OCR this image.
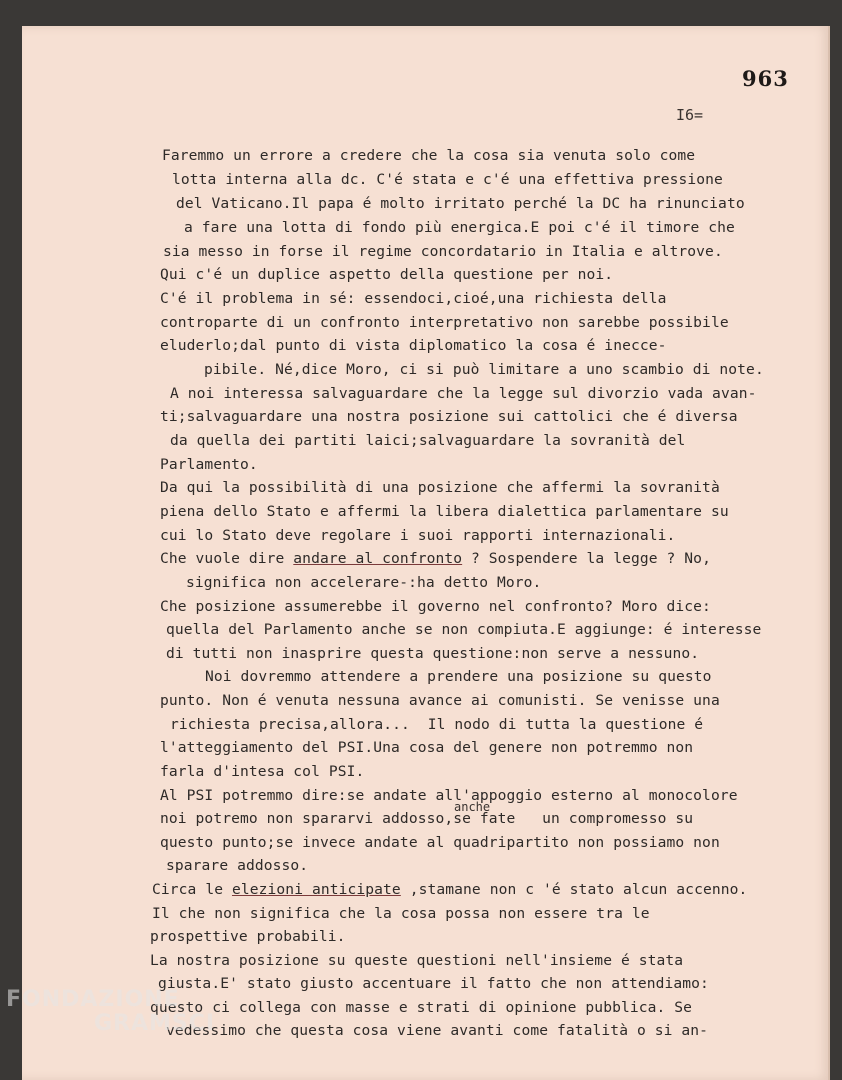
963
I6=
Faremmo un errore a credere che la cosa sia venuta solo come
lotta interna alla dc. C'é stata e c'é una effettiva pressione
del Vaticano.Il papa é molto irritato perché la DC ha rinunciato
a fare una lotta di fondo più energica.E poi c'é il timore che
sia messo in forse il regime concordatario in Italia e altrove.
Qui c'é un duplice aspetto della questione per noi.
C'é il problema in sé: essendoci,cioé,una richiesta della
controparte di un confronto interpretativo non sarebbe possibile
eluderlo;dal punto di vista diplomatico la cosa é inecce-
pibile. Né,dice Moro, ci si può limitare a uno scambio di note.
A noi interessa salvaguardare che la legge sul divorzio vada avan-
ti;salvaguardare una nostra posizione sui cattolici che é diversa
da quella dei partiti laici;salvaguardare la sovranità del
Parlamento.
Da qui la possibilità di una posizione che affermi la sovranità
piena dello Stato e affermi la libera dialettica parlamentare su
cui lo Stato deve regolare i suoi rapporti internazionali.
Che vuole dire andare al confronto ? Sospendere la legge ? No,
significa non accelerare-:ha detto Moro.
Che posizione assumerebbe il governo nel confronto? Moro dice:
quella del Parlamento anche se non compiuta.E aggiunge: é interesse
di tutti non inasprire questa questione:non serve a nessuno.
Noi dovremmo attendere a prendere una posizione su questo
punto. Non é venuta nessuna avance ai comunisti. Se venisse una
richiesta precisa,allora...  Il nodo di tutta la questione é
l'atteggiamento del PSI.Una cosa del genere non potremmo non
farla d'intesa col PSI.
Al PSI potremmo dire:se andate all'appoggio esterno al monocolore
anche
noi potremo non spararvi addosso,se fate   un compromesso su
questo punto;se invece andate al quadripartito non possiamo non
sparare addosso.
Circa le elezioni anticipate ,stamane non c 'é stato alcun accenno.
Il che non significa che la cosa possa non essere tra le
prospettive probabili.
La nostra posizione su queste questioni nell'insieme é stata
giusta.E' stato giusto accentuare il fatto che non attendiamo:
questo ci collega con masse e strati di opinione pubblica. Se
vedessimo che questa cosa viene avanti come fatalità o si an-
FONDAZIONE
GRAMSCI
